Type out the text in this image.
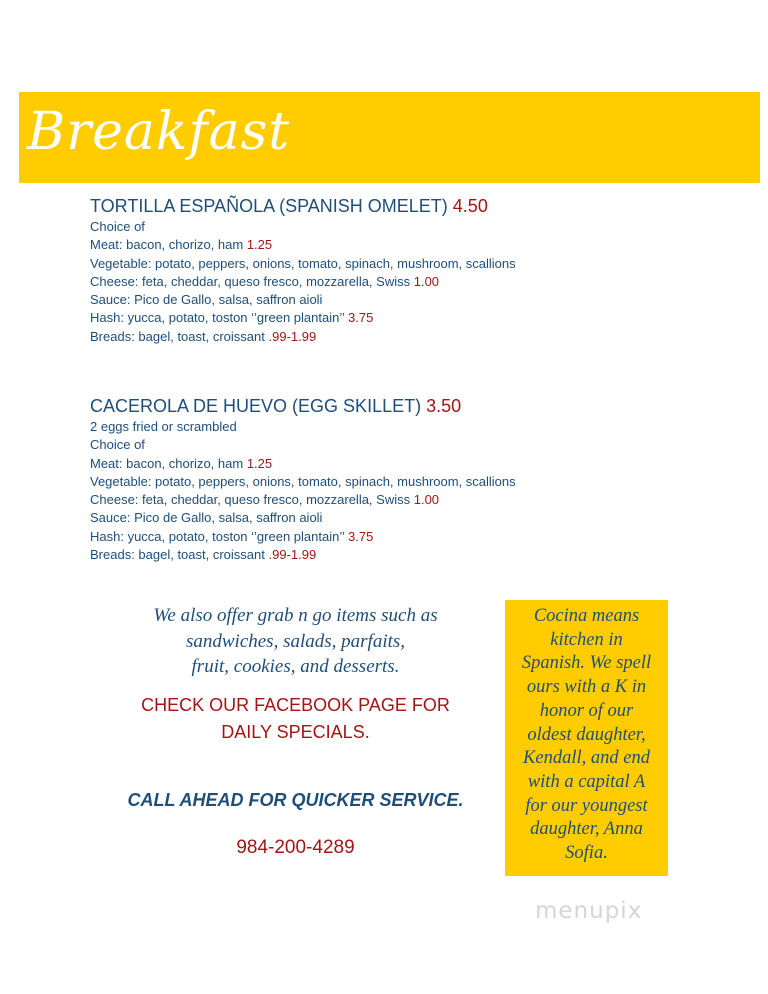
Breakfast
TORTILLA ESPAÑOLA (SPANISH OMELET) 4.50
Choice of
Meat: bacon, chorizo, ham 1.25
Vegetable: potato, peppers, onions, tomato, spinach, mushroom, scallions
Cheese: feta, cheddar, queso fresco, mozzarella, Swiss 1.00
Sauce: Pico de Gallo, salsa, saffron aioli
Hash: yucca, potato, toston ‘’green plantain’’ 3.75
Breads: bagel, toast, croissant .99-1.99
CACEROLA DE HUEVO (EGG SKILLET) 3.50
2 eggs fried or scrambled
Choice of
Meat: bacon, chorizo, ham 1.25
Vegetable: potato, peppers, onions, tomato, spinach, mushroom, scallions
Cheese: feta, cheddar, queso fresco, mozzarella, Swiss 1.00
Sauce: Pico de Gallo, salsa, saffron aioli
Hash: yucca, potato, toston ‘’green plantain’’ 3.75
Breads: bagel, toast, croissant .99-1.99
We also offer grab n go items such as
sandwiches, salads, parfaits,
fruit, cookies, and desserts.
CHECK OUR FACEBOOK PAGE FOR
DAILY SPECIALS.
CALL AHEAD FOR QUICKER SERVICE.
984-200-4289
Cocina means
kitchen in
Spanish. We spell
ours with a K in
honor of our
oldest daughter,
Kendall, and end
with a capital A
for our youngest
daughter, Anna
Sofia.
menupix
